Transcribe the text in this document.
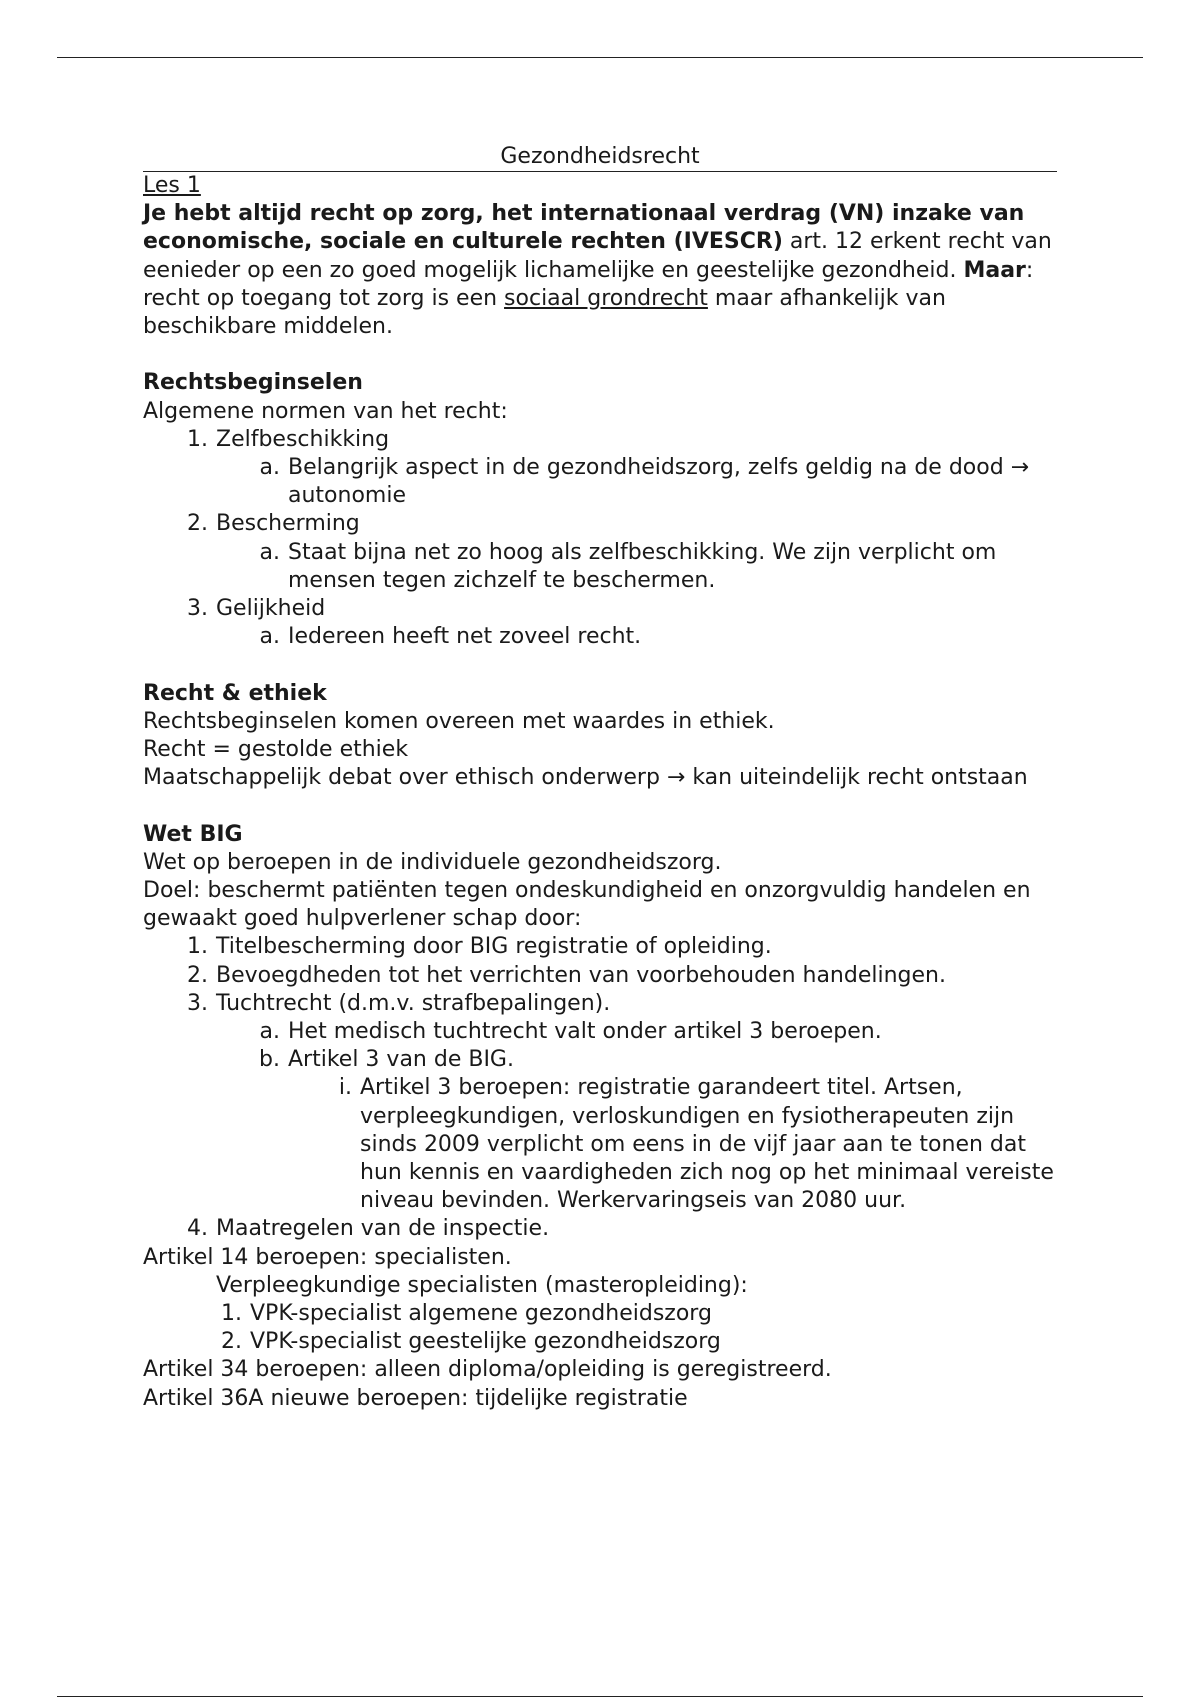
Gezondheidsrecht
Les 1
Je hebt altijd recht op zorg, het internationaal verdrag (VN) inzake van economische, sociale en culturele rechten (IVESCR) art. 12 erkent recht van eenieder op een zo goed mogelijk lichamelijke en geestelijke gezondheid. Maar: recht op toegang tot zorg is een sociaal grondrecht maar afhankelijk van beschikbare middelen.
Rechtsbeginselen
Algemene normen van het recht:
1. Zelfbeschikking
a. Belangrijk aspect in de gezondheidszorg, zelfs geldig na de dood → autonomie
2. Bescherming
a. Staat bijna net zo hoog als zelfbeschikking. We zijn verplicht om mensen tegen zichzelf te beschermen.
3. Gelijkheid
a. Iedereen heeft net zoveel recht.
Recht & ethiek
Rechtsbeginselen komen overeen met waardes in ethiek.
Recht = gestolde ethiek
Maatschappelijk debat over ethisch onderwerp → kan uiteindelijk recht ontstaan
Wet BIG
Wet op beroepen in de individuele gezondheidszorg.
Doel: beschermt patiënten tegen ondeskundigheid en onzorgvuldig handelen en gewaakt goed hulpverlener schap door:
1. Titelbescherming door BIG registratie of opleiding.
2. Bevoegdheden tot het verrichten van voorbehouden handelingen.
3. Tuchtrecht (d.m.v. strafbepalingen).
a. Het medisch tuchtrecht valt onder artikel 3 beroepen.
b. Artikel 3 van de BIG.
i. Artikel 3 beroepen: registratie garandeert titel. Artsen, verpleegkundigen, verloskundigen en fysiotherapeuten zijn sinds 2009 verplicht om eens in de vijf jaar aan te tonen dat hun kennis en vaardigheden zich nog op het minimaal vereiste niveau bevinden. Werkervaringseis van 2080 uur.
4. Maatregelen van de inspectie.
Artikel 14 beroepen: specialisten.
Verpleegkundige specialisten (masteropleiding):
1. VPK-specialist algemene gezondheidszorg
2. VPK-specialist geestelijke gezondheidszorg
Artikel 34 beroepen: alleen diploma/opleiding is geregistreerd.
Artikel 36A nieuwe beroepen: tijdelijke registratie
